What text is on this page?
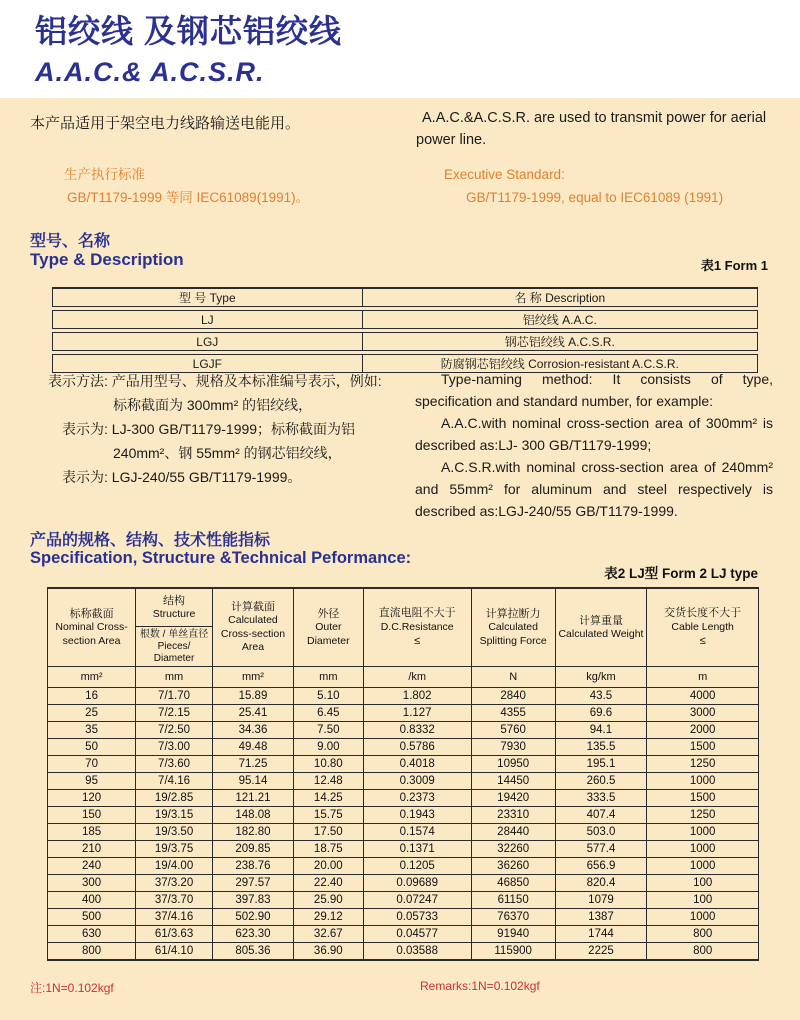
铝绞线 及钢芯铝绞线
A.A.C.& A.C.S.R.
本产品适用于架空电力线路输送电能用。	A.A.C.&A.C.S.R. are used to transmit power for aerial power line.
生产执行标准
GB/T1179-1999 等同 IEC61089(1991)。
Executive Standard:
GB/T1179-1999, equal to IEC61089 (1991)
型号、名称
Type & Description	表1 Form 1
型 号 Type	名 称 Description
LJ	铝绞线 A.A.C.
LGJ	钢芯铝绞线 A.C.S.R.
LGJF	防腐钢芯铝绞线 Corrosion-resistant A.C.S.R.
表示方法: 产品用型号、规格及本标准编号表示，例如:
标称截面为 300mm² 的铝绞线，
表示为: LJ-300 GB/T1179-1999；标称截面为铝
240mm²、钢 55mm² 的钢芯铝绞线，
表示为: LGJ-240/55 GB/T1179-1999。

Type-naming method: It consists of type, specification and standard number, for example:

A.A.C.with nominal cross-section area of 300mm² is described as:LJ- 300 GB/T1179-1999;

A.C.S.R.with nominal cross-section area of 240mm² and 55mm² for aluminum and steel respectively is described as:LGJ-240/55 GB/T1179-1999.

产品的规格、结构、技术性能指标
Specification, Structure &Technical Peformance:
表2 LJ型 Form 2 LJ type
标称截面
Nominal Cross-section Area

结构
Structure
根数 / 单丝直径
Pieces/ Diameter

计算截面
Calculated Cross-section Area

外径
Outer Diameter

直流电阻不大于
D.C.Resistance
≤

计算拉断力
Calculated Splitting Force

计算重量
Calculated Weight

交货长度不大于
Cable Length
≤

mm²	mm	mm²	mm	/km	N	kg/km	m
16	7/1.70	15.89	5.10	1.802	2840	43.5	4000
25	7/2.15	25.41	6.45	1.127	4355	69.6	3000
35	7/2.50	34.36	7.50	0.8332	5760	94.1	2000
50	7/3.00	49.48	9.00	0.5786	7930	135.5	1500
70	7/3.60	71.25	10.80	0.4018	10950	195.1	1250
95	7/4.16	95.14	12.48	0.3009	14450	260.5	1000
120	19/2.85	121.21	14.25	0.2373	19420	333.5	1500
150	19/3.15	148.08	15.75	0.1943	23310	407.4	1250
185	19/3.50	182.80	17.50	0.1574	28440	503.0	1000
210	19/3.75	209.85	18.75	0.1371	32260	577.4	1000
240	19/4.00	238.76	20.00	0.1205	36260	656.9	1000
300	37/3.20	297.57	22.40	0.09689	46850	820.4	100
400	37/3.70	397.83	25.90	0.07247	61150	1079	100
500	37/4.16	502.90	29.12	0.05733	76370	1387	1000
630	61/3.63	623.30	32.67	0.04577	91940	1744	800
800	61/4.10	805.36	36.90	0.03588	115900	2225	800
注:1N=0.102kgf	Remarks:1N=0.102kgf
